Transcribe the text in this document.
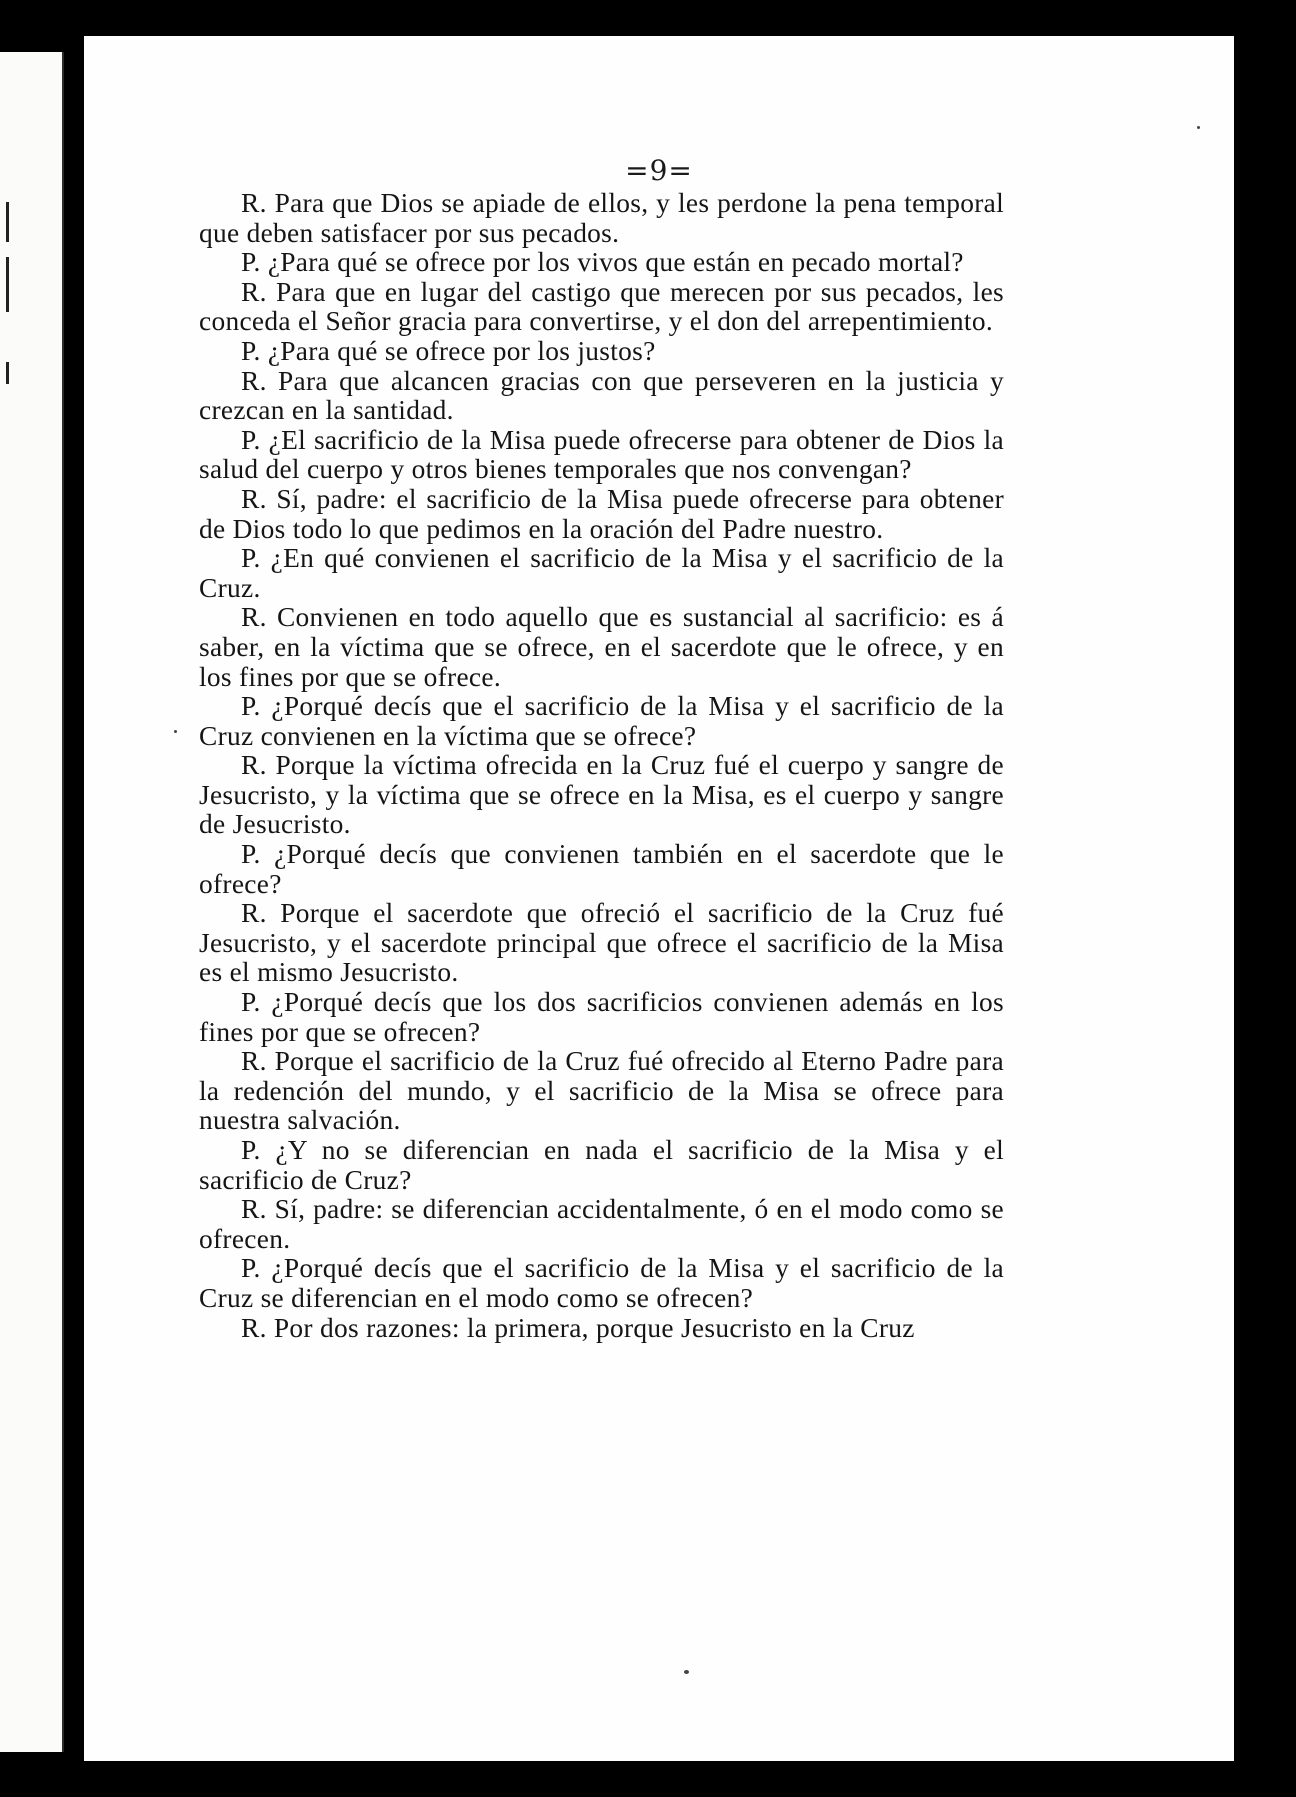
=9=

R. Para que Dios se apiade de ellos, y les perdone la pena temporal que deben satisfacer por sus pecados.

P. ¿Para qué se ofrece por los vivos que están en pecado mortal?

R. Para que en lugar del castigo que merecen por sus pecados, les conceda el Señor gracia para convertirse, y el don del arrepentimiento.

P. ¿Para qué se ofrece por los justos?

R. Para que alcancen gracias con que perseveren en la justicia y crezcan en la santidad.

P. ¿El sacrificio de la Misa puede ofrecerse para obtener de Dios la salud del cuerpo y otros bienes temporales que nos convengan?

R. Sí, padre: el sacrificio de la Misa puede ofrecerse para obtener de Dios todo lo que pedimos en la oración del Padre nuestro.

P. ¿En qué convienen el sacrificio de la Misa y el sacrificio de la Cruz.

R. Convienen en todo aquello que es sustancial al sacrificio: es á saber, en la víctima que se ofrece, en el sacerdote que le ofrece, y en los fines por que se ofrece.

P. ¿Porqué decís que el sacrificio de la Misa y el sacrificio de la Cruz convienen en la víctima que se ofrece?

R. Porque la víctima ofrecida en la Cruz fué el cuerpo y sangre de Jesucristo, y la víctima que se ofrece en la Misa, es el cuerpo y sangre de Jesucristo.

P. ¿Porqué decís que convienen también en el sacerdote que le ofrece?

R. Porque el sacerdote que ofreció el sacrificio de la Cruz fué Jesucristo, y el sacerdote principal que ofrece el sacrificio de la Misa es el mismo Jesucristo.

P. ¿Porqué decís que los dos sacrificios convienen además en los fines por que se ofrecen?

R. Porque el sacrificio de la Cruz fué ofrecido al Eterno Padre para la redención del mundo, y el sacrificio de la Misa se ofrece para nuestra salvación.

P. ¿Y no se diferencian en nada el sacrificio de la Misa y el sacrificio de Cruz?

R. Sí, padre: se diferencian accidentalmente, ó en el modo como se ofrecen.

P. ¿Porqué decís que el sacrificio de la Misa y el sacrificio de la Cruz se diferencian en el modo como se ofrecen?

R. Por dos razones: la primera, porque Jesucristo en la Cruz
